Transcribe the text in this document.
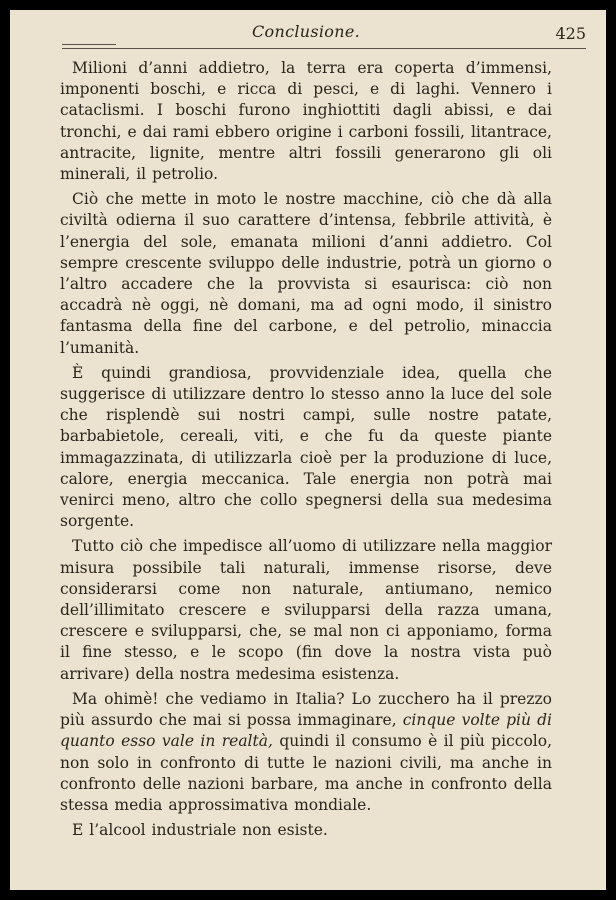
Conclusione.	425

Milioni d’anni addietro, la terra era coperta d’immensi, imponenti boschi, e ricca di pesci, e di laghi. Vennero i cataclismi. I boschi furono inghiottiti dagli abissi, e dai tronchi, e dai rami ebbero origine i carboni fossili, litantrace, antracite, lignite, mentre altri fossili generarono gli oli minerali, il petrolio.

Ciò che mette in moto le nostre macchine, ciò che dà alla civiltà odierna il suo carattere d’intensa, febbrile attività, è l’energia del sole, emanata milioni d’anni addietro. Col sempre crescente sviluppo delle industrie, potrà un giorno o l’altro accadere che la provvista si esaurisca: ciò non accadrà nè oggi, nè domani, ma ad ogni modo, il sinistro fantasma della fine del carbone, e del petrolio, minaccia l’umanità.

È quindi grandiosa, provvidenziale idea, quella che suggerisce di utilizzare dentro lo stesso anno la luce del sole che risplendè sui nostri campi, sulle nostre patate, barbabietole, cereali, viti, e che fu da queste piante immagazzinata, di utilizzarla cioè per la produzione di luce, calore, energia meccanica. Tale energia non potrà mai venirci meno, altro che collo spegnersi della sua medesima sorgente.

Tutto ciò che impedisce all’uomo di utilizzare nella maggior misura possibile tali naturali, immense risorse, deve considerarsi come non naturale, antiumano, nemico dell’illimitato crescere e svilupparsi della razza umana, crescere e svilupparsi, che, se mal non ci apponiamo, forma il fine stesso, e le scopo (fin dove la nostra vista può arrivare) della nostra medesima esistenza.

Ma ohimè! che vediamo in Italia? Lo zucchero ha il prezzo più assurdo che mai si possa immaginare, cinque volte più di quanto esso vale in realtà, quindi il consumo è il più piccolo, non solo in confronto di tutte le nazioni civili, ma anche in confronto delle nazioni barbare, ma anche in confronto della stessa media approssimativa mondiale.

E l’alcool industriale non esiste.
